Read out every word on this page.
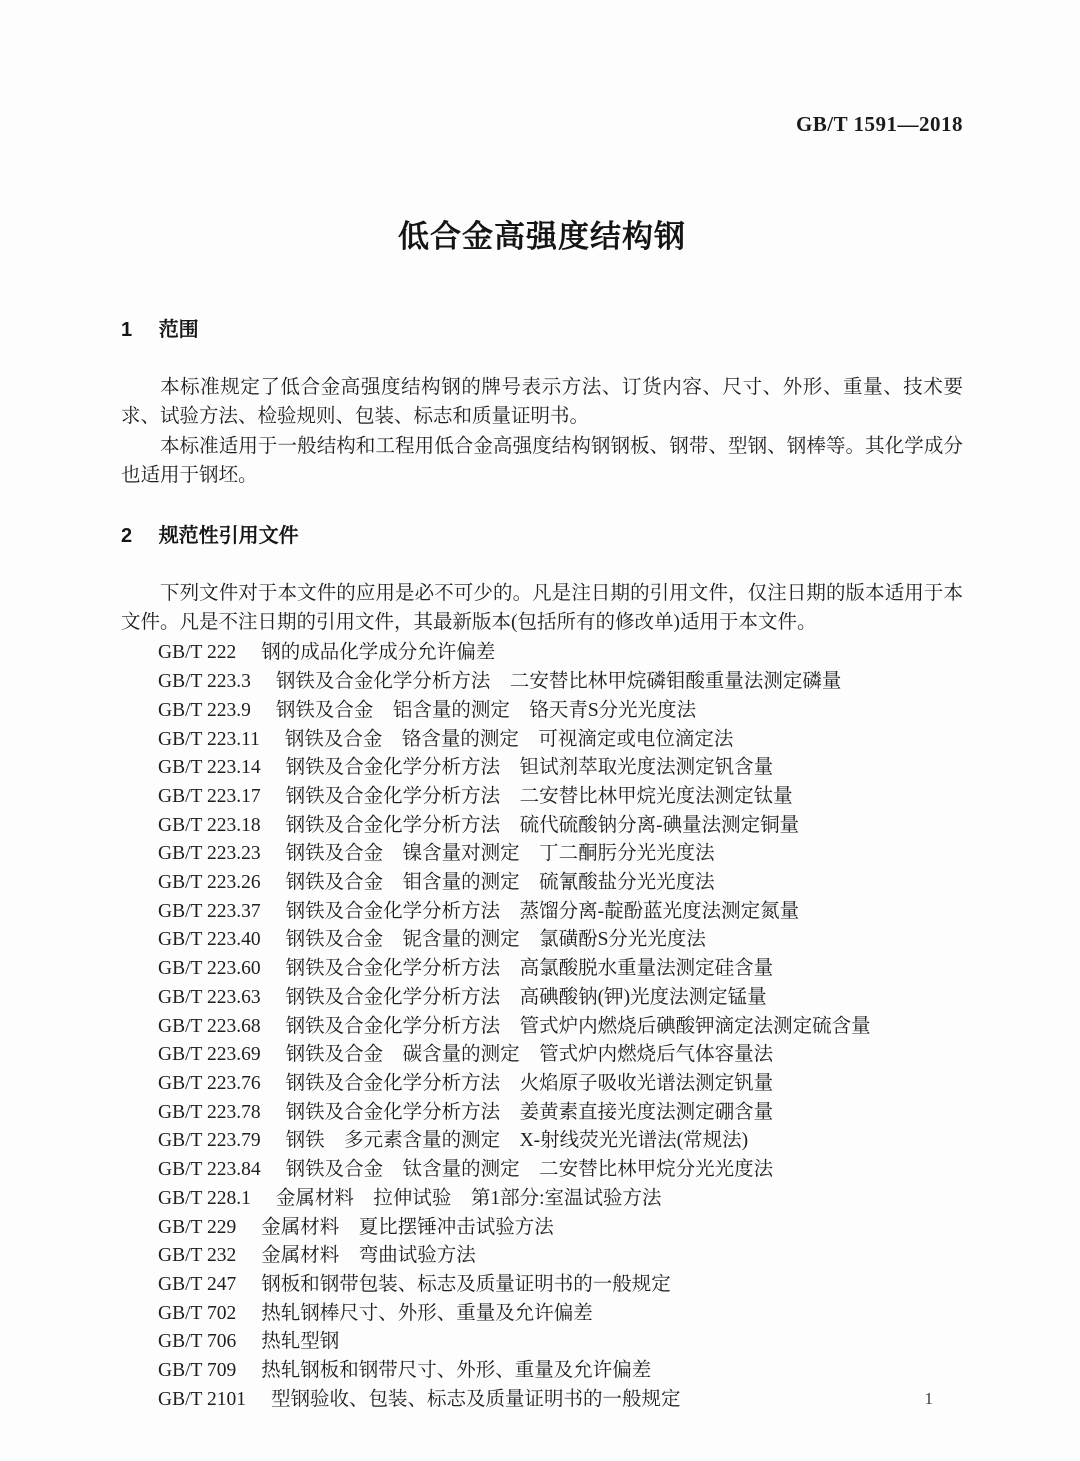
GB/T 1591—2018
低合金高强度结构钢
1 范围

本标准规定了低合金高强度结构钢的牌号表示方法、订货内容、尺寸、外形、重量、技术要求、试验方法、检验规则、包装、标志和质量证明书。

本标准适用于一般结构和工程用低合金高强度结构钢钢板、钢带、型钢、钢棒等。其化学成分也适用于钢坯。

2 规范性引用文件

下列文件对于本文件的应用是必不可少的。凡是注日期的引用文件，仅注日期的版本适用于本文件。凡是不注日期的引用文件，其最新版本(包括所有的修改单)适用于本文件。

GB/T 222 钢的成品化学成分允许偏差
GB/T 223.3 钢铁及合金化学分析方法　二安替比林甲烷磷钼酸重量法测定磷量
GB/T 223.9 钢铁及合金　铝含量的测定　铬天青S分光光度法
GB/T 223.11 钢铁及合金　铬含量的测定　可视滴定或电位滴定法
GB/T 223.14 钢铁及合金化学分析方法　钽试剂萃取光度法测定钒含量
GB/T 223.17 钢铁及合金化学分析方法　二安替比林甲烷光度法测定钛量
GB/T 223.18 钢铁及合金化学分析方法　硫代硫酸钠分离-碘量法测定铜量
GB/T 223.23 钢铁及合金　镍含量对测定　丁二酮肟分光光度法
GB/T 223.26 钢铁及合金　钼含量的测定　硫氰酸盐分光光度法
GB/T 223.37 钢铁及合金化学分析方法　蒸馏分离-靛酚蓝光度法测定氮量
GB/T 223.40 钢铁及合金　铌含量的测定　氯磺酚S分光光度法
GB/T 223.60 钢铁及合金化学分析方法　高氯酸脱水重量法测定硅含量
GB/T 223.63 钢铁及合金化学分析方法　高碘酸钠(钾)光度法测定锰量
GB/T 223.68 钢铁及合金化学分析方法　管式炉内燃烧后碘酸钾滴定法测定硫含量
GB/T 223.69 钢铁及合金　碳含量的测定　管式炉内燃烧后气体容量法
GB/T 223.76 钢铁及合金化学分析方法　火焰原子吸收光谱法测定钒量
GB/T 223.78 钢铁及合金化学分析方法　姜黄素直接光度法测定硼含量
GB/T 223.79 钢铁　多元素含量的测定　X-射线荧光光谱法(常规法)
GB/T 223.84 钢铁及合金　钛含量的测定　二安替比林甲烷分光光度法
GB/T 228.1 金属材料　拉伸试验　第1部分:室温试验方法
GB/T 229 金属材料　夏比摆锤冲击试验方法
GB/T 232 金属材料　弯曲试验方法
GB/T 247 钢板和钢带包装、标志及质量证明书的一般规定
GB/T 702 热轧钢棒尺寸、外形、重量及允许偏差
GB/T 706 热轧型钢
GB/T 709 热轧钢板和钢带尺寸、外形、重量及允许偏差
GB/T 2101 型钢验收、包装、标志及质量证明书的一般规定	1
